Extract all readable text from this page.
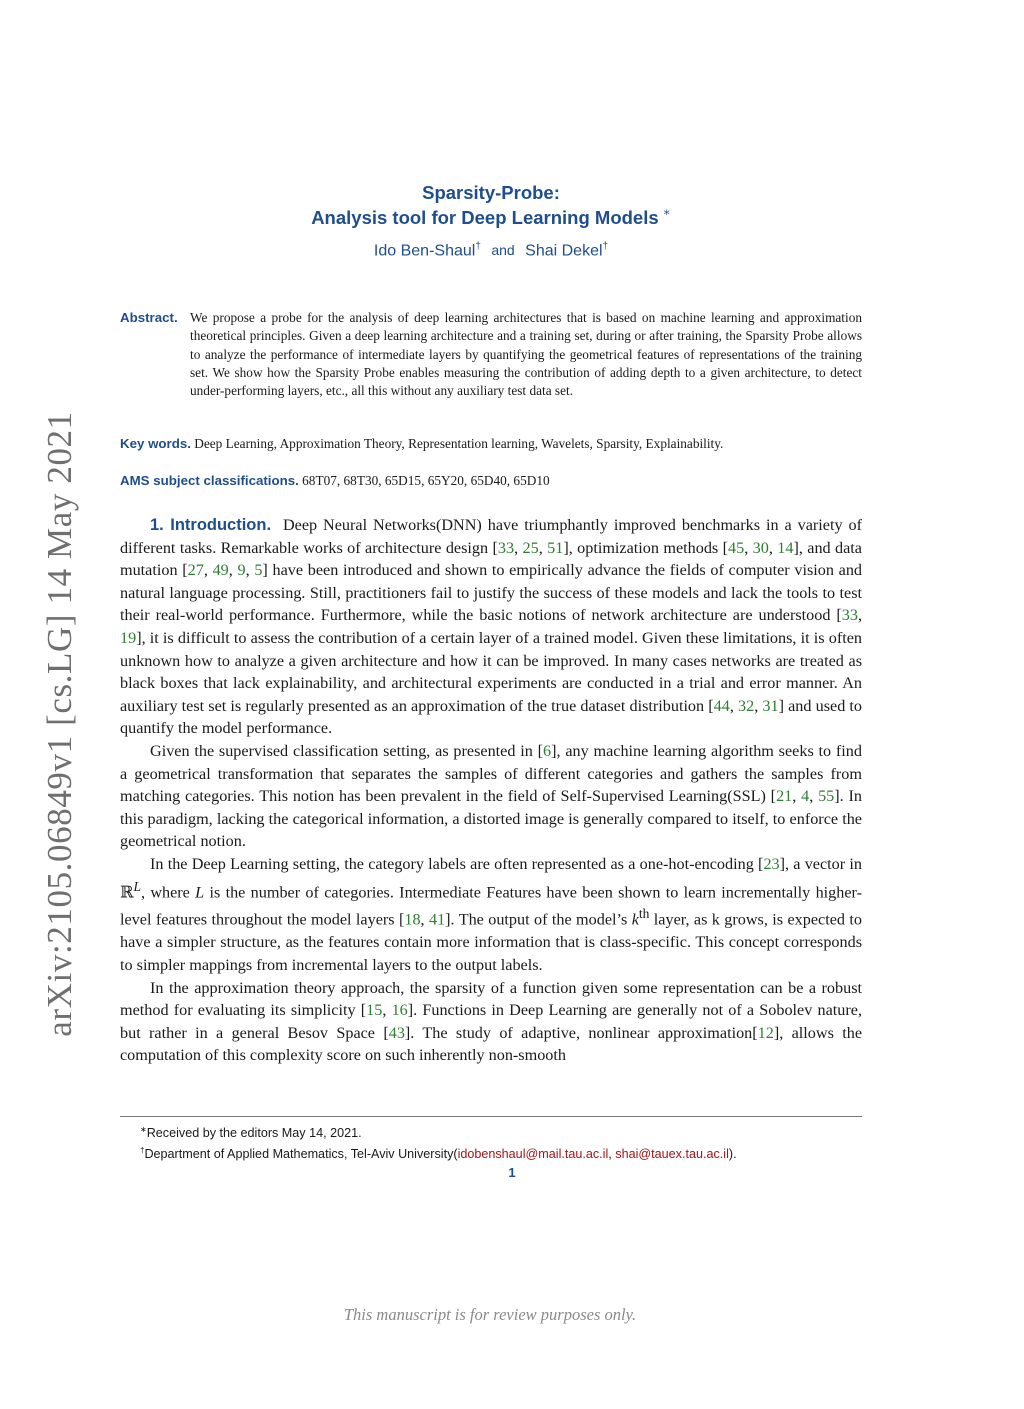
arXiv:2105.06849v1 [cs.LG] 14 May 2021
Sparsity-Probe:
Analysis tool for Deep Learning Models ∗
Ido Ben-Shaul† and Shai Dekel†
Abstract. We propose a probe for the analysis of deep learning architectures that is based on machine learning and approximation theoretical principles. Given a deep learning architecture and a training set, during or after training, the Sparsity Probe allows to analyze the performance of intermediate layers by quantifying the geometrical features of representations of the training set. We show how the Sparsity Probe enables measuring the contribution of adding depth to a given architecture, to detect under-performing layers, etc., all this without any auxiliary test data set.
Key words. Deep Learning, Approximation Theory, Representation learning, Wavelets, Sparsity, Explainability.
AMS subject classifications. 68T07, 68T30, 65D15, 65Y20, 65D40, 65D10

1. Introduction. Deep Neural Networks(DNN) have triumphantly improved benchmarks in a variety of different tasks. Remarkable works of architecture design [33, 25, 51], optimization methods [45, 30, 14], and data mutation [27, 49, 9, 5] have been introduced and shown to empirically advance the fields of computer vision and natural language processing. Still, practitioners fail to justify the success of these models and lack the tools to test their real-world performance. Furthermore, while the basic notions of network architecture are understood [33, 19], it is difficult to assess the contribution of a certain layer of a trained model. Given these limitations, it is often unknown how to analyze a given architecture and how it can be improved. In many cases networks are treated as black boxes that lack explainability, and architectural experiments are conducted in a trial and error manner. An auxiliary test set is regularly presented as an approximation of the true dataset distribution [44, 32, 31] and used to quantify the model performance.

Given the supervised classification setting, as presented in [6], any machine learning algorithm seeks to find a geometrical transformation that separates the samples of different categories and gathers the samples from matching categories. This notion has been prevalent in the field of Self-Supervised Learning(SSL) [21, 4, 55]. In this paradigm, lacking the categorical information, a distorted image is generally compared to itself, to enforce the geometrical notion.

In the Deep Learning setting, the category labels are often represented as a one-hot-encoding [23], a vector in ℝ$^L$, where L is the number of categories. Intermediate Features have been shown to learn incrementally higher-level features throughout the model layers [18, 41]. The output of the model’s $k^{th}$ layer, as k grows, is expected to have a simpler structure, as the features contain more information that is class-specific. This concept corresponds to simpler mappings from incremental layers to the output labels.

In the approximation theory approach, the sparsity of a function given some representation can be a robust method for evaluating its simplicity [15, 16]. Functions in Deep Learning are generally not of a Sobolev nature, but rather in a general Besov Space [43]. The study of adaptive, nonlinear approximation[12], allows the computation of this complexity score on such inherently non-smooth

∗Received by the editors May 14, 2021.
†Department of Applied Mathematics, Tel-Aviv University(idobenshaul@mail.tau.ac.il, shai@tauex.tau.ac.il).
1
This manuscript is for review purposes only.
